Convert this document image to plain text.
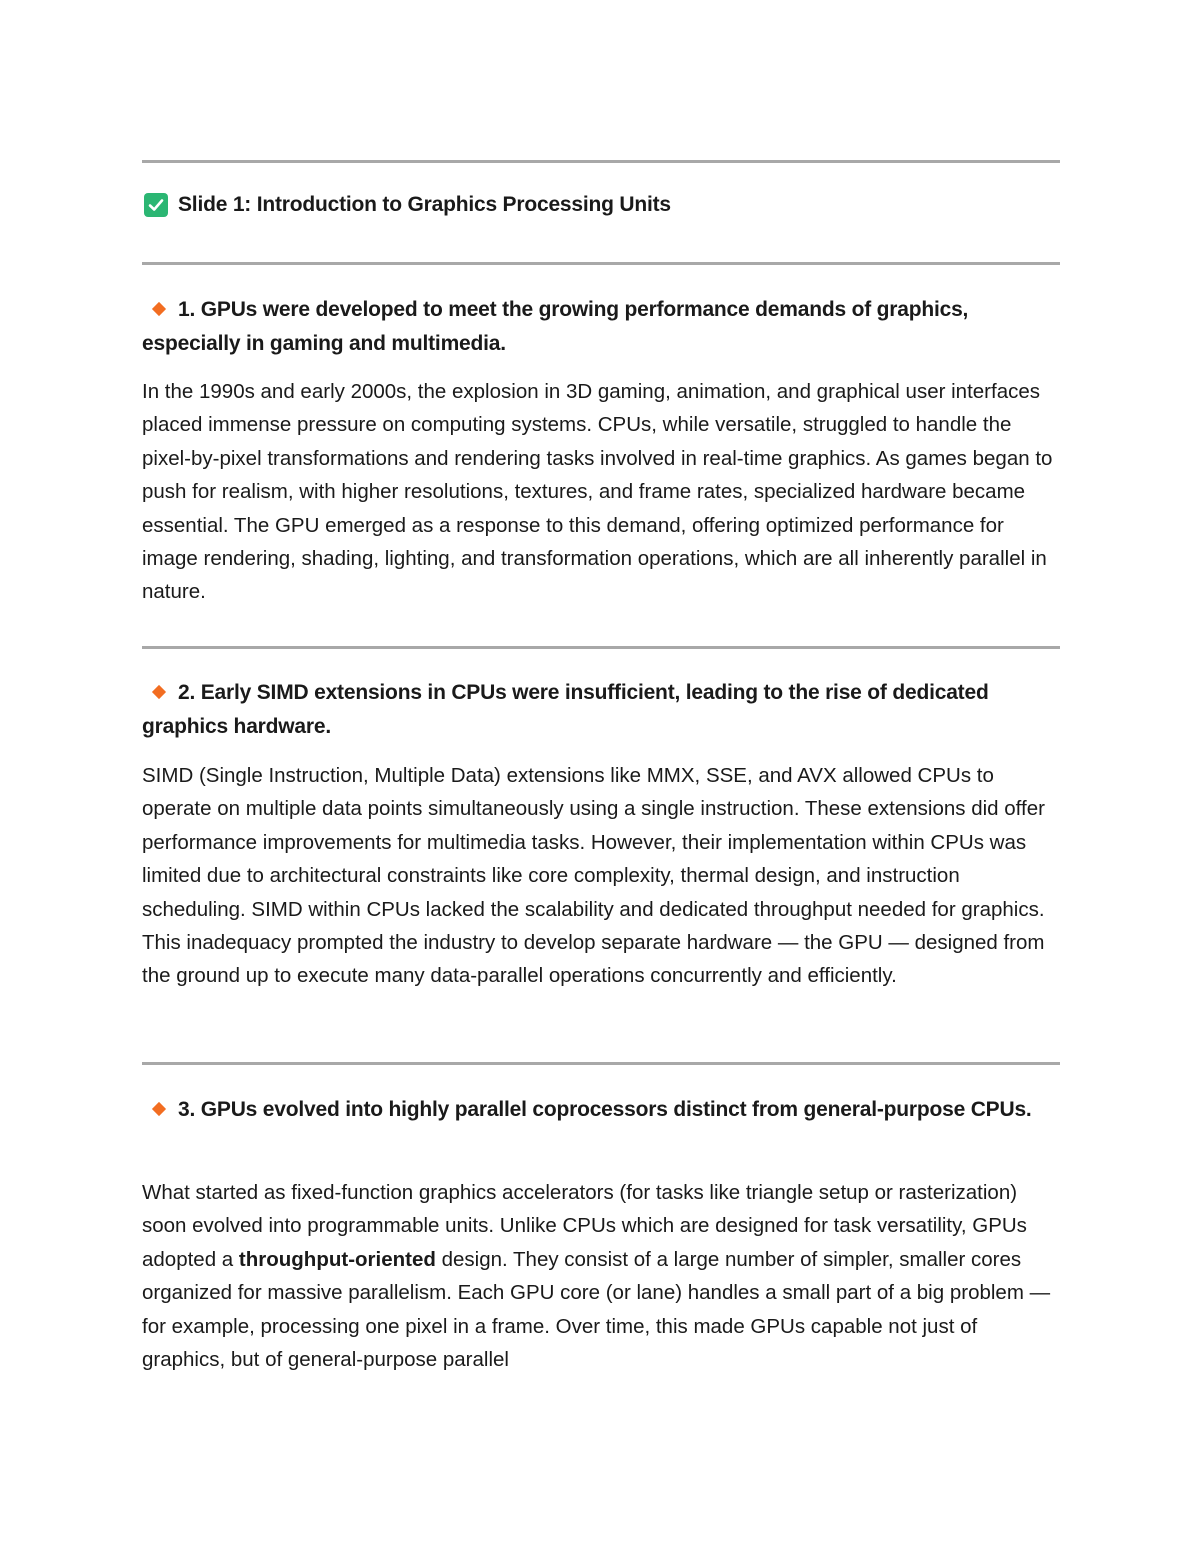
Slide 1: Introduction to Graphics Processing Units
1. GPUs were developed to meet the growing performance demands of graphics, especially in gaming and multimedia.

In the 1990s and early 2000s, the explosion in 3D gaming, animation, and graphical user interfaces placed immense pressure on computing systems. CPUs, while versatile, struggled to handle the pixel-by-pixel transformations and rendering tasks involved in real-time graphics. As games began to push for realism, with higher resolutions, textures, and frame rates, specialized hardware became essential. The GPU emerged as a response to this demand, offering optimized performance for image rendering, shading, lighting, and transformation operations, which are all inherently parallel in nature.

2. Early SIMD extensions in CPUs were insufficient, leading to the rise of dedicated graphics hardware.

SIMD (Single Instruction, Multiple Data) extensions like MMX, SSE, and AVX allowed CPUs to operate on multiple data points simultaneously using a single instruction. These extensions did offer performance improvements for multimedia tasks. However, their implementation within CPUs was limited due to architectural constraints like core complexity, thermal design, and instruction scheduling. SIMD within CPUs lacked the scalability and dedicated throughput needed for graphics. This inadequacy prompted the industry to develop separate hardware — the GPU — designed from the ground up to execute many data-parallel operations concurrently and efficiently.

3. GPUs evolved into highly parallel coprocessors distinct from general-purpose CPUs.

What started as fixed-function graphics accelerators (for tasks like triangle setup or rasterization) soon evolved into programmable units. Unlike CPUs which are designed for task versatility, GPUs adopted a throughput-oriented design. They consist of a large number of simpler, smaller cores organized for massive parallelism. Each GPU core (or lane) handles a small part of a big problem — for example, processing one pixel in a frame. Over time, this made GPUs capable not just of graphics, but of general-purpose parallel
